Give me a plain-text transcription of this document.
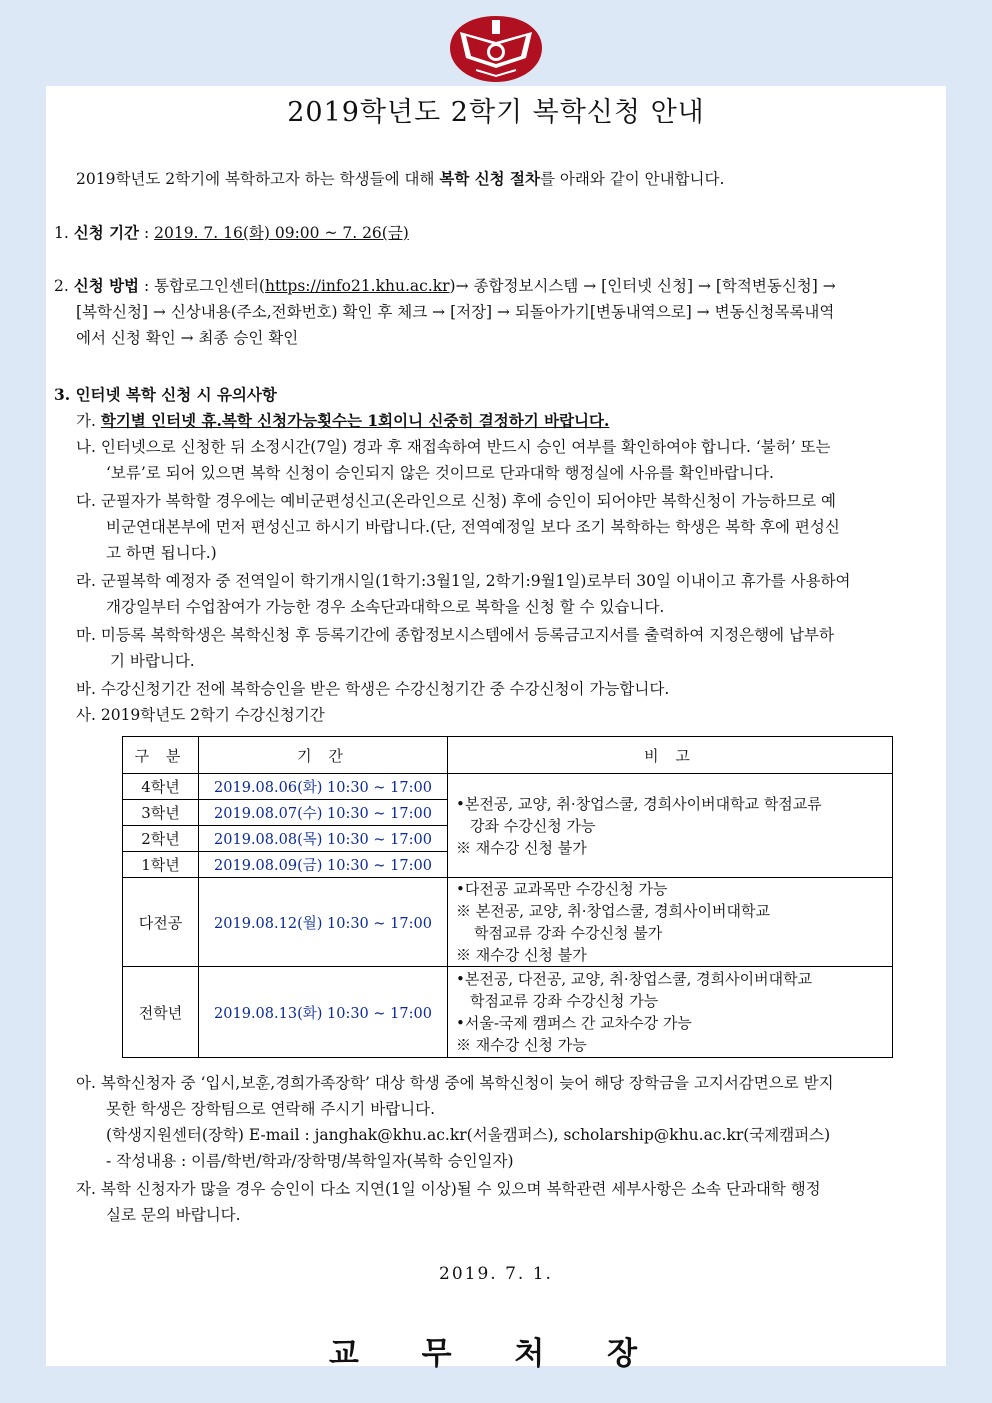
2019학년도 2학기 복학신청 안내

2019학년도 2학기에 복학하고자 하는 학생들에 대해 복학 신청 절차를 아래와 같이 안내합니다.

1. 신청 기간 : 2019. 7. 16(화) 09:00 ~ 7. 26(금)

2. 신청 방법 : 통합로그인센터(https://info21.khu.ac.kr)→ 종합정보시스템 → [인터넷 신청] → [학적변동신청] →
[복학신청] → 신상내용(주소,전화번호) 확인 후 체크 → [저장] → 되돌아가기[변동내역으로] → 변동신청목록내역
에서 신청 확인 → 최종 승인 확인

3. 인터넷 복학 신청 시 유의사항

가. 학기별 인터넷 휴.복학 신청가능횟수는 1회이니 신중히 결정하기 바랍니다.

나. 인터넷으로 신청한 뒤 소정시간(7일) 경과 후 재접속하여 반드시 승인 여부를 확인하여야 합니다. ‘불허’ 또는
‘보류’로 되어 있으면 복학 신청이 승인되지 않은 것이므로 단과대학 행정실에 사유를 확인바랍니다.

다. 군필자가 복학할 경우에는 예비군편성신고(온라인으로 신청) 후에 승인이 되어야만 복학신청이 가능하므로 예
비군연대본부에 먼저 편성신고 하시기 바랍니다.(단, 전역예정일 보다 조기 복학하는 학생은 복학 후에 편성신
고 하면 됩니다.)

라. 군필복학 예정자 중 전역일이 학기개시일(1학기:3월1일, 2학기:9월1일)로부터 30일 이내이고 휴가를 사용하여
개강일부터 수업참여가 가능한 경우 소속단과대학으로 복학을 신청 할 수 있습니다.

마. 미등록 복학학생은 복학신청 후 등록기간에 종합정보시스템에서 등록금고지서를 출력하여 지정은행에 납부하
기 바랍니다.

바. 수강신청기간 전에 복학승인을 받은 학생은 수강신청기간 중 수강신청이 가능합니다.

사. 2019학년도 2학기 수강신청기간

구 분	기 간	비 고
4학년	2019.08.06(화) 10:30 ~ 17:00	•본전공, 교양, 취·창업스쿨, 경희사이버대학교 학점교류
강좌 수강신청 가능
※ 재수강 신청 불가

3학년	2019.08.07(수) 10:30 ~ 17:00	
2학년	2019.08.08(목) 10:30 ~ 17:00	
1학년	2019.08.09(금) 10:30 ~ 17:00	
다전공	2019.08.12(월) 10:30 ~ 17:00	•다전공 교과목만 수강신청 가능
※ 본전공, 교양, 취·창업스쿨, 경희사이버대학교
학점교류 강좌 수강신청 불가
※ 재수강 신청 불가

전학년	2019.08.13(화) 10:30 ~ 17:00	•본전공, 다전공, 교양, 취·창업스쿨, 경희사이버대학교
학점교류 강좌 수강신청 가능
•서울-국제 캠퍼스 간 교차수강 가능
※ 재수강 신청 가능

아. 복학신청자 중 ‘입시,보훈,경희가족장학’ 대상 학생 중에 복학신청이 늦어 해당 장학금을 고지서감면으로 받지
못한 학생은 장학팀으로 연락해 주시기 바랍니다.
(학생지원센터(장학) E-mail : janghak@khu.ac.kr(서울캠퍼스), scholarship@khu.ac.kr(국제캠퍼스)
- 작성내용 : 이름/학번/학과/장학명/복학일자(복학 승인일자)

자. 복학 신청자가 많을 경우 승인이 다소 지연(1일 이상)될 수 있으며 복학관련 세부사항은 소속 단과대학 행정
실로 문의 바랍니다.

2019. 7. 1.

교 무 처 장
